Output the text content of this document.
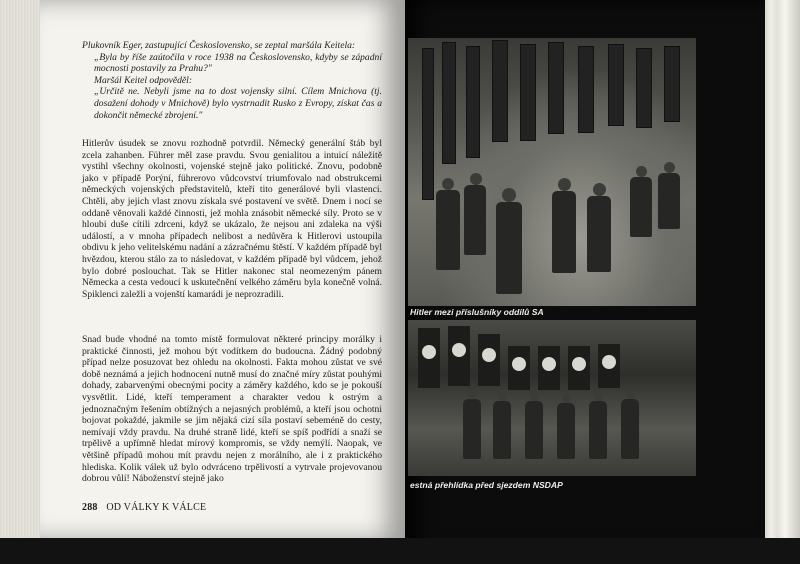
Plukovník Eger, zastupující Československo, se zeptal maršála Keitela:

„Byla by říše zaútočila v roce 1938 na Československo, kdyby se západní mocnosti postavily za Prahu?"

Maršál Keitel odpověděl:

„Určitě ne. Nebyli jsme na to dost vojensky silní. Cílem Mnichova (tj. dosažení dohody v Mnichově) bylo vystrnadit Rusko z Evropy, získat čas a dokončit německé zbrojení."

Hitlerův úsudek se znovu rozhodně potvrdil. Německý generální štáb byl zcela zahanben. Führer měl zase pravdu. Svou genialitou a intuicí náležitě vystihl všechny okolnosti, vojenské stejně jako politické. Znovu, podobně jako v případě Porýní, führerovo vůdcovství triumfovalo nad obstrukcemi německých vojenských představitelů, kteří tito generálové byli vlastenci. Chtěli, aby jejich vlast znovu získala své postavení ve světě. Dnem i nocí se oddaně věnovali každé činnosti, jež mohla znásobit německé síly. Proto se v hloubi duše cítili zdrceni, když se ukázalo, že nejsou ani zdaleka na výši událostí, a v mnoha případech nelibost a nedůvěra k Hitlerovi ustoupila obdivu k jeho velitelskému nadání a zázračnému štěstí. V každém případě byl hvězdou, kterou stálo za to následovat, v každém případě byl vůdcem, jehož bylo dobré poslouchat. Tak se Hitler nakonec stal neomezeným pánem Německa a cesta vedoucí k uskutečnění velkého záměru byla konečně volná. Spiklenci zaležli a vojenští kamarádi je neprozradili.

Snad bude vhodné na tomto místě formulovat některé principy morálky i praktické činnosti, jež mohou být vodítkem do budoucna. Žádný podobný případ nelze posuzovat bez ohledu na okolnosti. Fakta mohou zůstat ve své době neznámá a jejich hodnocení nutně musí do značné míry zůstat pouhými dohady, zabarvenými obecnými pocity a záměry každého, kdo se je pokouší vysvětlit. Lidé, kteří temperament a charakter vedou k ostrým a jednoznačným řešením obtížných a nejasných problémů, a kteří jsou ochotni bojovat pokaždé, jakmile se jim nějaká cizí síla postaví sebeméně do cesty, nemívají vždy pravdu. Na druhé straně lidé, kteří se spíš podřídí a snaží se trpělivě a upřímně hledat mírový kompromis, se vždy nemýlí. Naopak, ve většině případů mohou mít pravdu nejen z morálního, ale i z praktického hlediska. Kolik válek už bylo odvráceno trpělivostí a vytrvale projevovanou dobrou vůlí! Náboženství stejně jako

288 OD VÁLKY K VÁLCE
Hitler mezi příslušníky oddílů SA
estná přehlídka před sjezdem NSDAP
